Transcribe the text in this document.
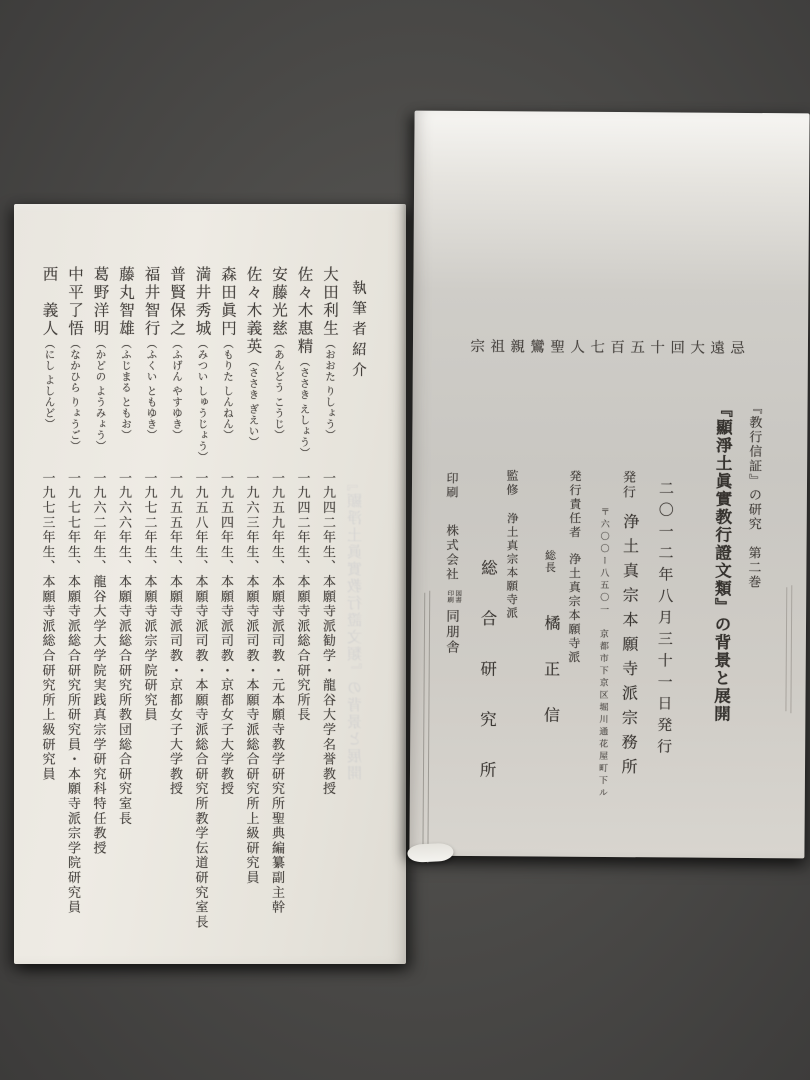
『顯淨土眞實教行證文類』の背景と展開
執筆者紹介
大田利生（おおた りしょう）
一九四二年生、本願寺派勧学・龍谷大学名誉教授
佐々木惠精（ささき えしょう）
一九四二年生、本願寺派総合研究所長
安藤光慈（あんどう こうじ）
一九五九年生、本願寺派司教・元本願寺教学研究所聖典編纂副主幹
佐々木義英（ささき ぎえい）
一九六三年生、本願寺派司教・本願寺派総合研究所上級研究員
森田眞円（もりた しんねん）
一九五四年生、本願寺派司教・京都女子大学教授
満井秀城（みつい しゅうじょう）
一九五八年生、本願寺派司教・本願寺派総合研究所教学伝道研究室長
普賢保之（ふげん やすゆき）
一九五五年生、本願寺派司教・京都女子大学教授
福井智行（ふくい ともゆき）
一九七二年生、本願寺派宗学院研究員
藤丸智雄（ふじまる ともお）
一九六六年生、本願寺派総合研究所教団総合研究室長
葛野洋明（かどの ようみょう）
一九六二年生、龍谷大学大学院実践真宗学研究科特任教授
中平了悟（なかひら りょうご）
一九七七年生、本願寺派総合研究所研究員・本願寺派宗学院研究員
西　義人（にし よしんど）
一九七三年生、本願寺派総合研究所上級研究員
宗祖親鸞聖人七百五十回大遠忌
『教行信証』の研究　第二巻
『顯淨土眞實教行證文類』の背景と展開
二〇一二年八月三十一日発行
発行
浄土真宗本願寺派宗務所
〒六〇〇ー八五〇一　京都市下京区堀川通花屋町下ル
発行責任者
浄土真宗本願寺派
総長
橘正信
監修
浄土真宗本願寺派
総合研究所
印刷
株式会社
図書印刷
同朋舎
